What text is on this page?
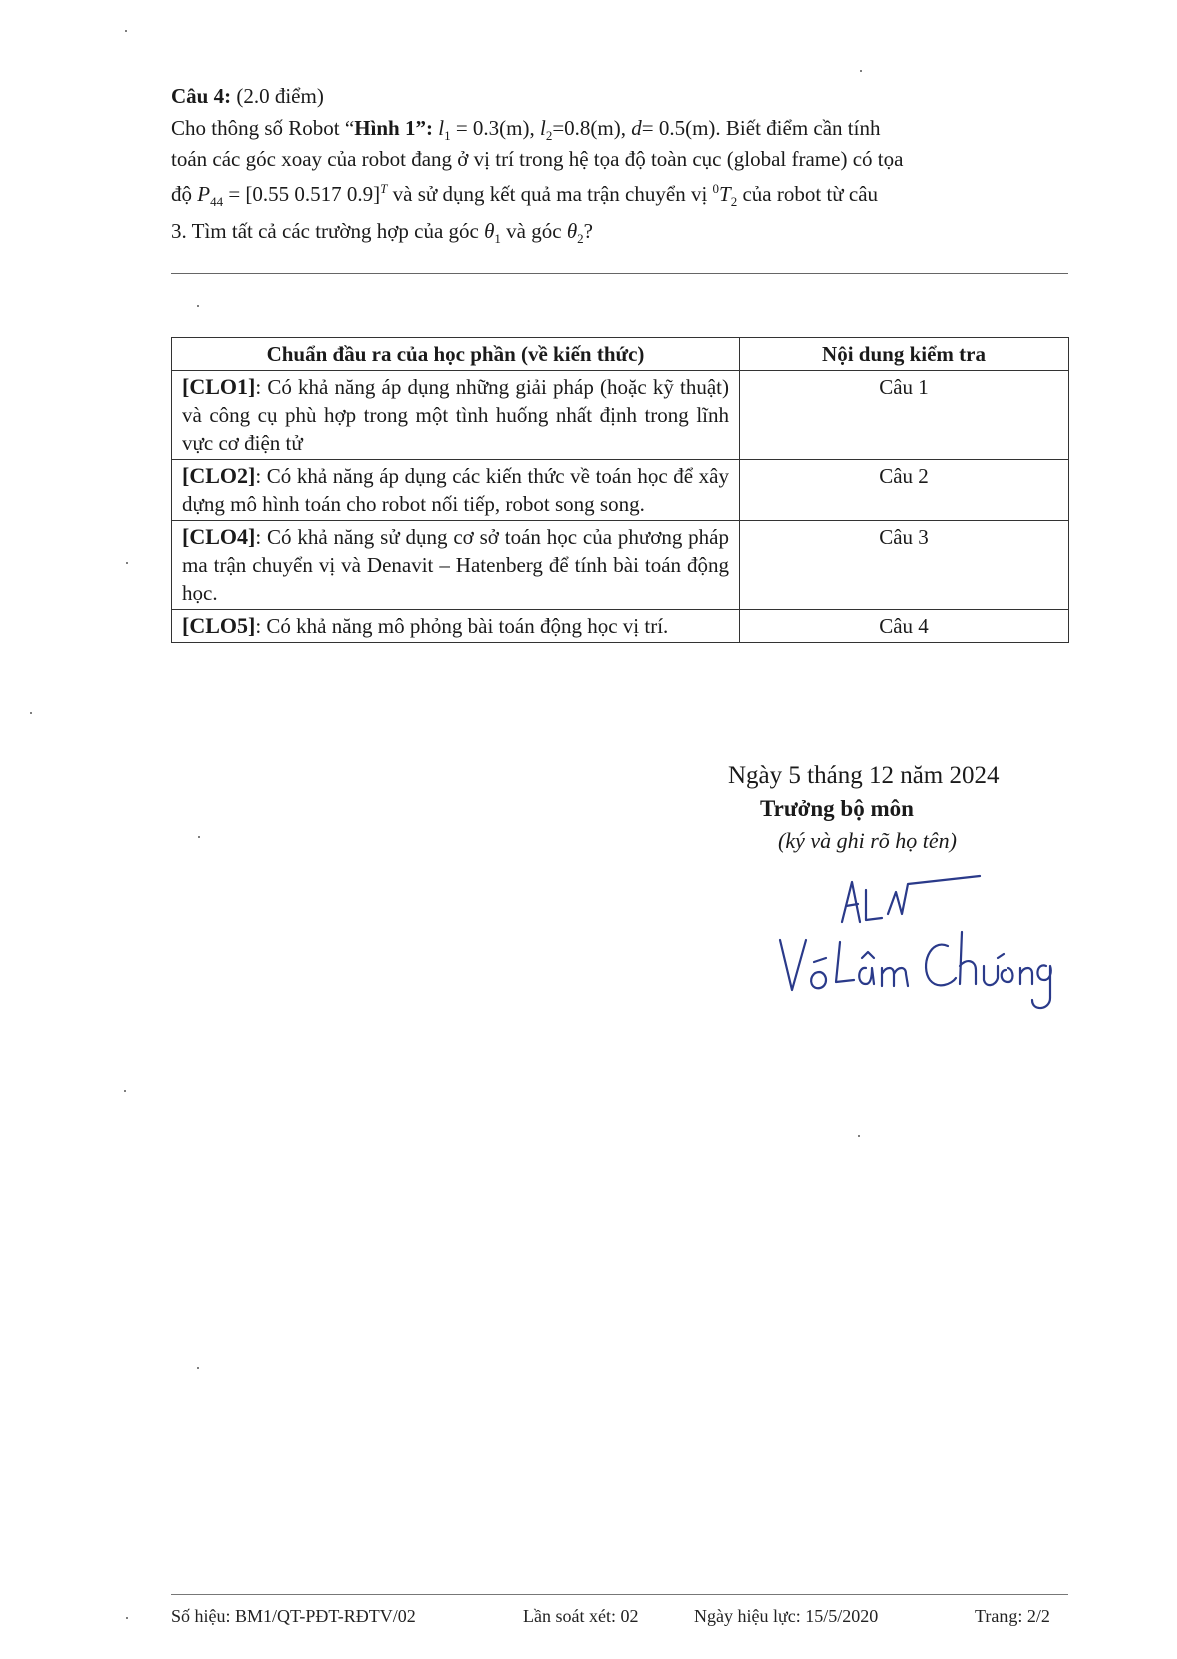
Câu 4: (2.0 điểm)
Cho thông số Robot “Hình 1”: $l_1 = 0.3(m)$, $l_2=0.8(m)$, d= 0.5(m). Biết điểm cần tính
toán các góc xoay của robot đang ở vị trí trong hệ tọa độ toàn cục (global frame) có tọa
độ $P_{44} = [0.55$ 0.517 0.9]$^T$ và sử dụng kết quả ma trận chuyển vị $^0T_2$ của robot từ câu
3. Tìm tất cả các trường hợp của góc $\theta_1$ và góc $\theta_2$?
Chuẩn đầu ra của học phần (về kiến thức)	Nội dung kiểm tra
[CLO1]: Có khả năng áp dụng những giải pháp (hoặc kỹ thuật) và công cụ phù hợp trong một tình huống nhất định trong lĩnh vực cơ điện tử	Câu 1
[CLO2]: Có khả năng áp dụng các kiến thức về toán học để xây dựng mô hình toán cho robot nối tiếp, robot song song.	Câu 2
[CLO4]: Có khả năng sử dụng cơ sở toán học của phương pháp ma trận chuyển vị và Denavit – Hatenberg để tính bài toán động học.	Câu 3
[CLO5]: Có khả năng mô phỏng bài toán động học vị trí.	Câu 4
Ngày 5 tháng 12 năm 2024
Trưởng bộ môn
(ký và ghi rõ họ tên)
Số hiệu: BM1/QT-PĐT-RĐTV/02	Lần soát xét: 02	Ngày hiệu lực: 15/5/2020	Trang: 2/2
